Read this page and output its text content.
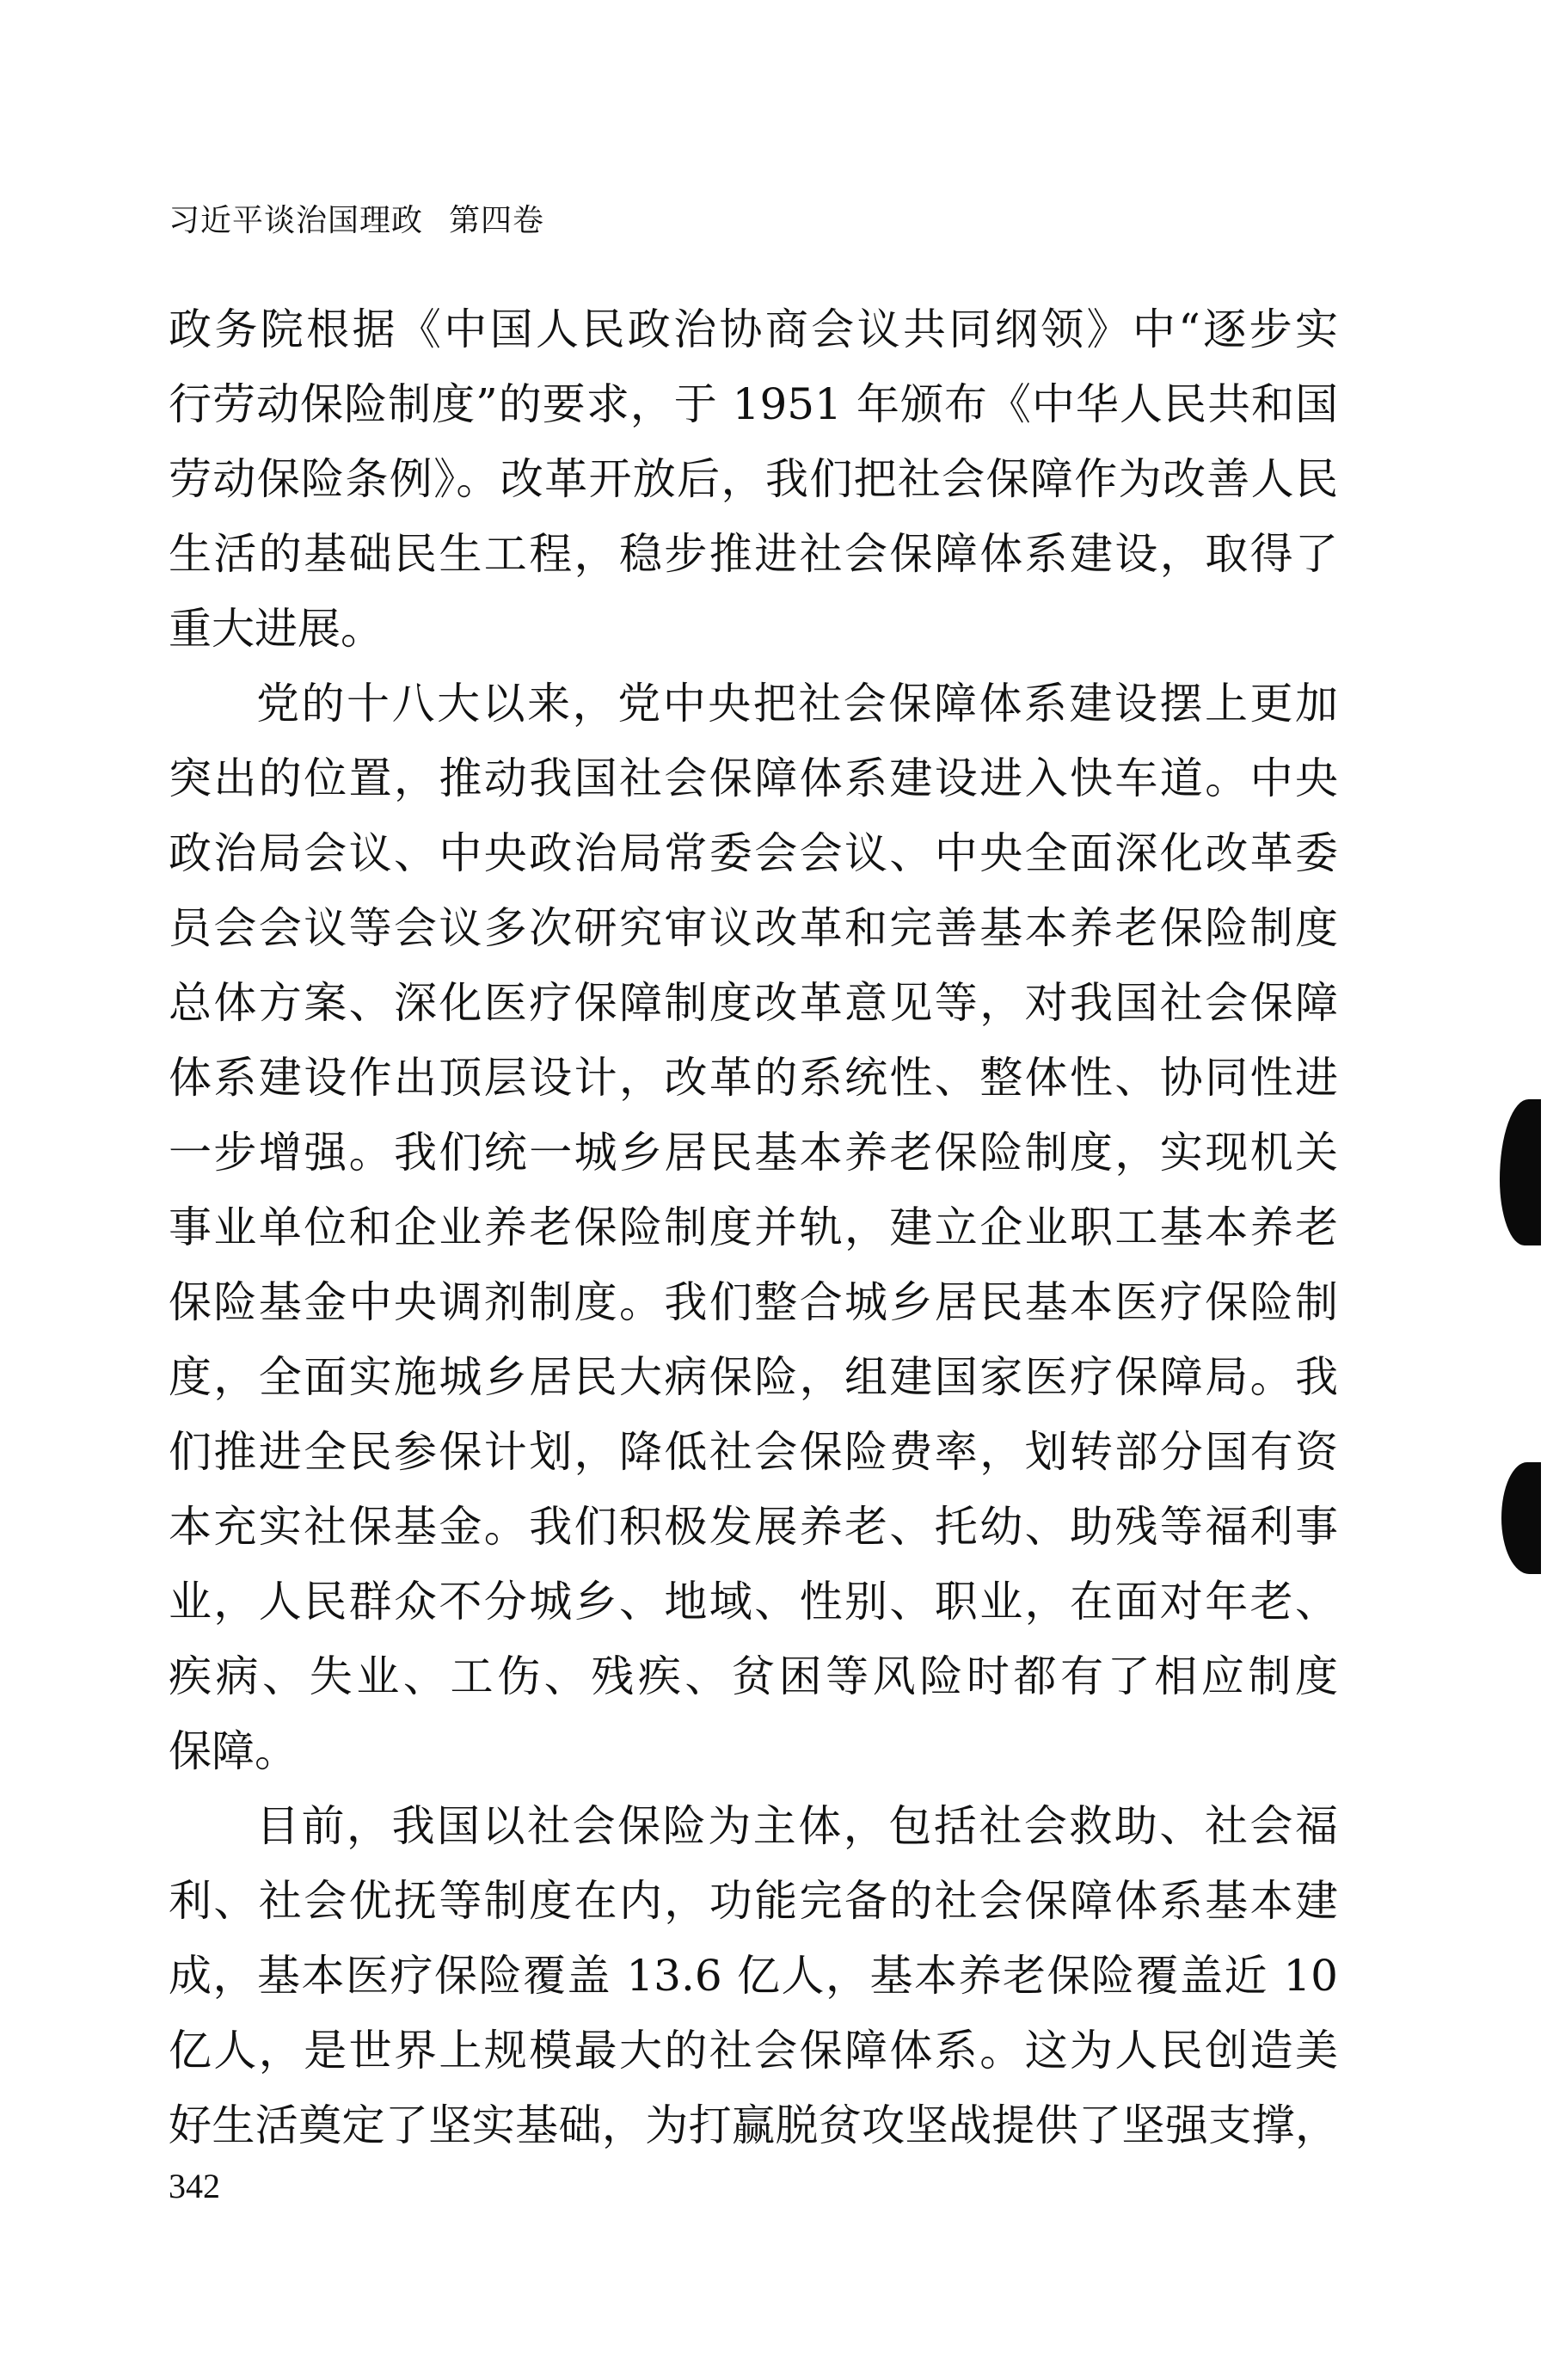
习近平谈治国理政 第四卷
政务院根据《中国人民政治协商会议共同纲领》中“逐步实
行劳动保险制度”的要求，于 1951 年颁布《中华人民共和国
劳动保险条例》。改革开放后，我们把社会保障作为改善人民
生活的基础民生工程，稳步推进社会保障体系建设，取得了
重大进展。
党的十八大以来，党中央把社会保障体系建设摆上更加
突出的位置，推动我国社会保障体系建设进入快车道。中央
政治局会议、中央政治局常委会会议、中央全面深化改革委
员会会议等会议多次研究审议改革和完善基本养老保险制度
总体方案、深化医疗保障制度改革意见等，对我国社会保障
体系建设作出顶层设计，改革的系统性、整体性、协同性进
一步增强。我们统一城乡居民基本养老保险制度，实现机关
事业单位和企业养老保险制度并轨，建立企业职工基本养老
保险基金中央调剂制度。我们整合城乡居民基本医疗保险制
度，全面实施城乡居民大病保险，组建国家医疗保障局。我
们推进全民参保计划，降低社会保险费率，划转部分国有资
本充实社保基金。我们积极发展养老、托幼、助残等福利事
业，人民群众不分城乡、地域、性别、职业，在面对年老、
疾病、失业、工伤、残疾、贫困等风险时都有了相应制度
保障。
目前，我国以社会保险为主体，包括社会救助、社会福
利、社会优抚等制度在内，功能完备的社会保障体系基本建
成，基本医疗保险覆盖 13.6 亿人，基本养老保险覆盖近 10
亿人，是世界上规模最大的社会保障体系。这为人民创造美
好生活奠定了坚实基础，为打赢脱贫攻坚战提供了坚强支撑，
342
